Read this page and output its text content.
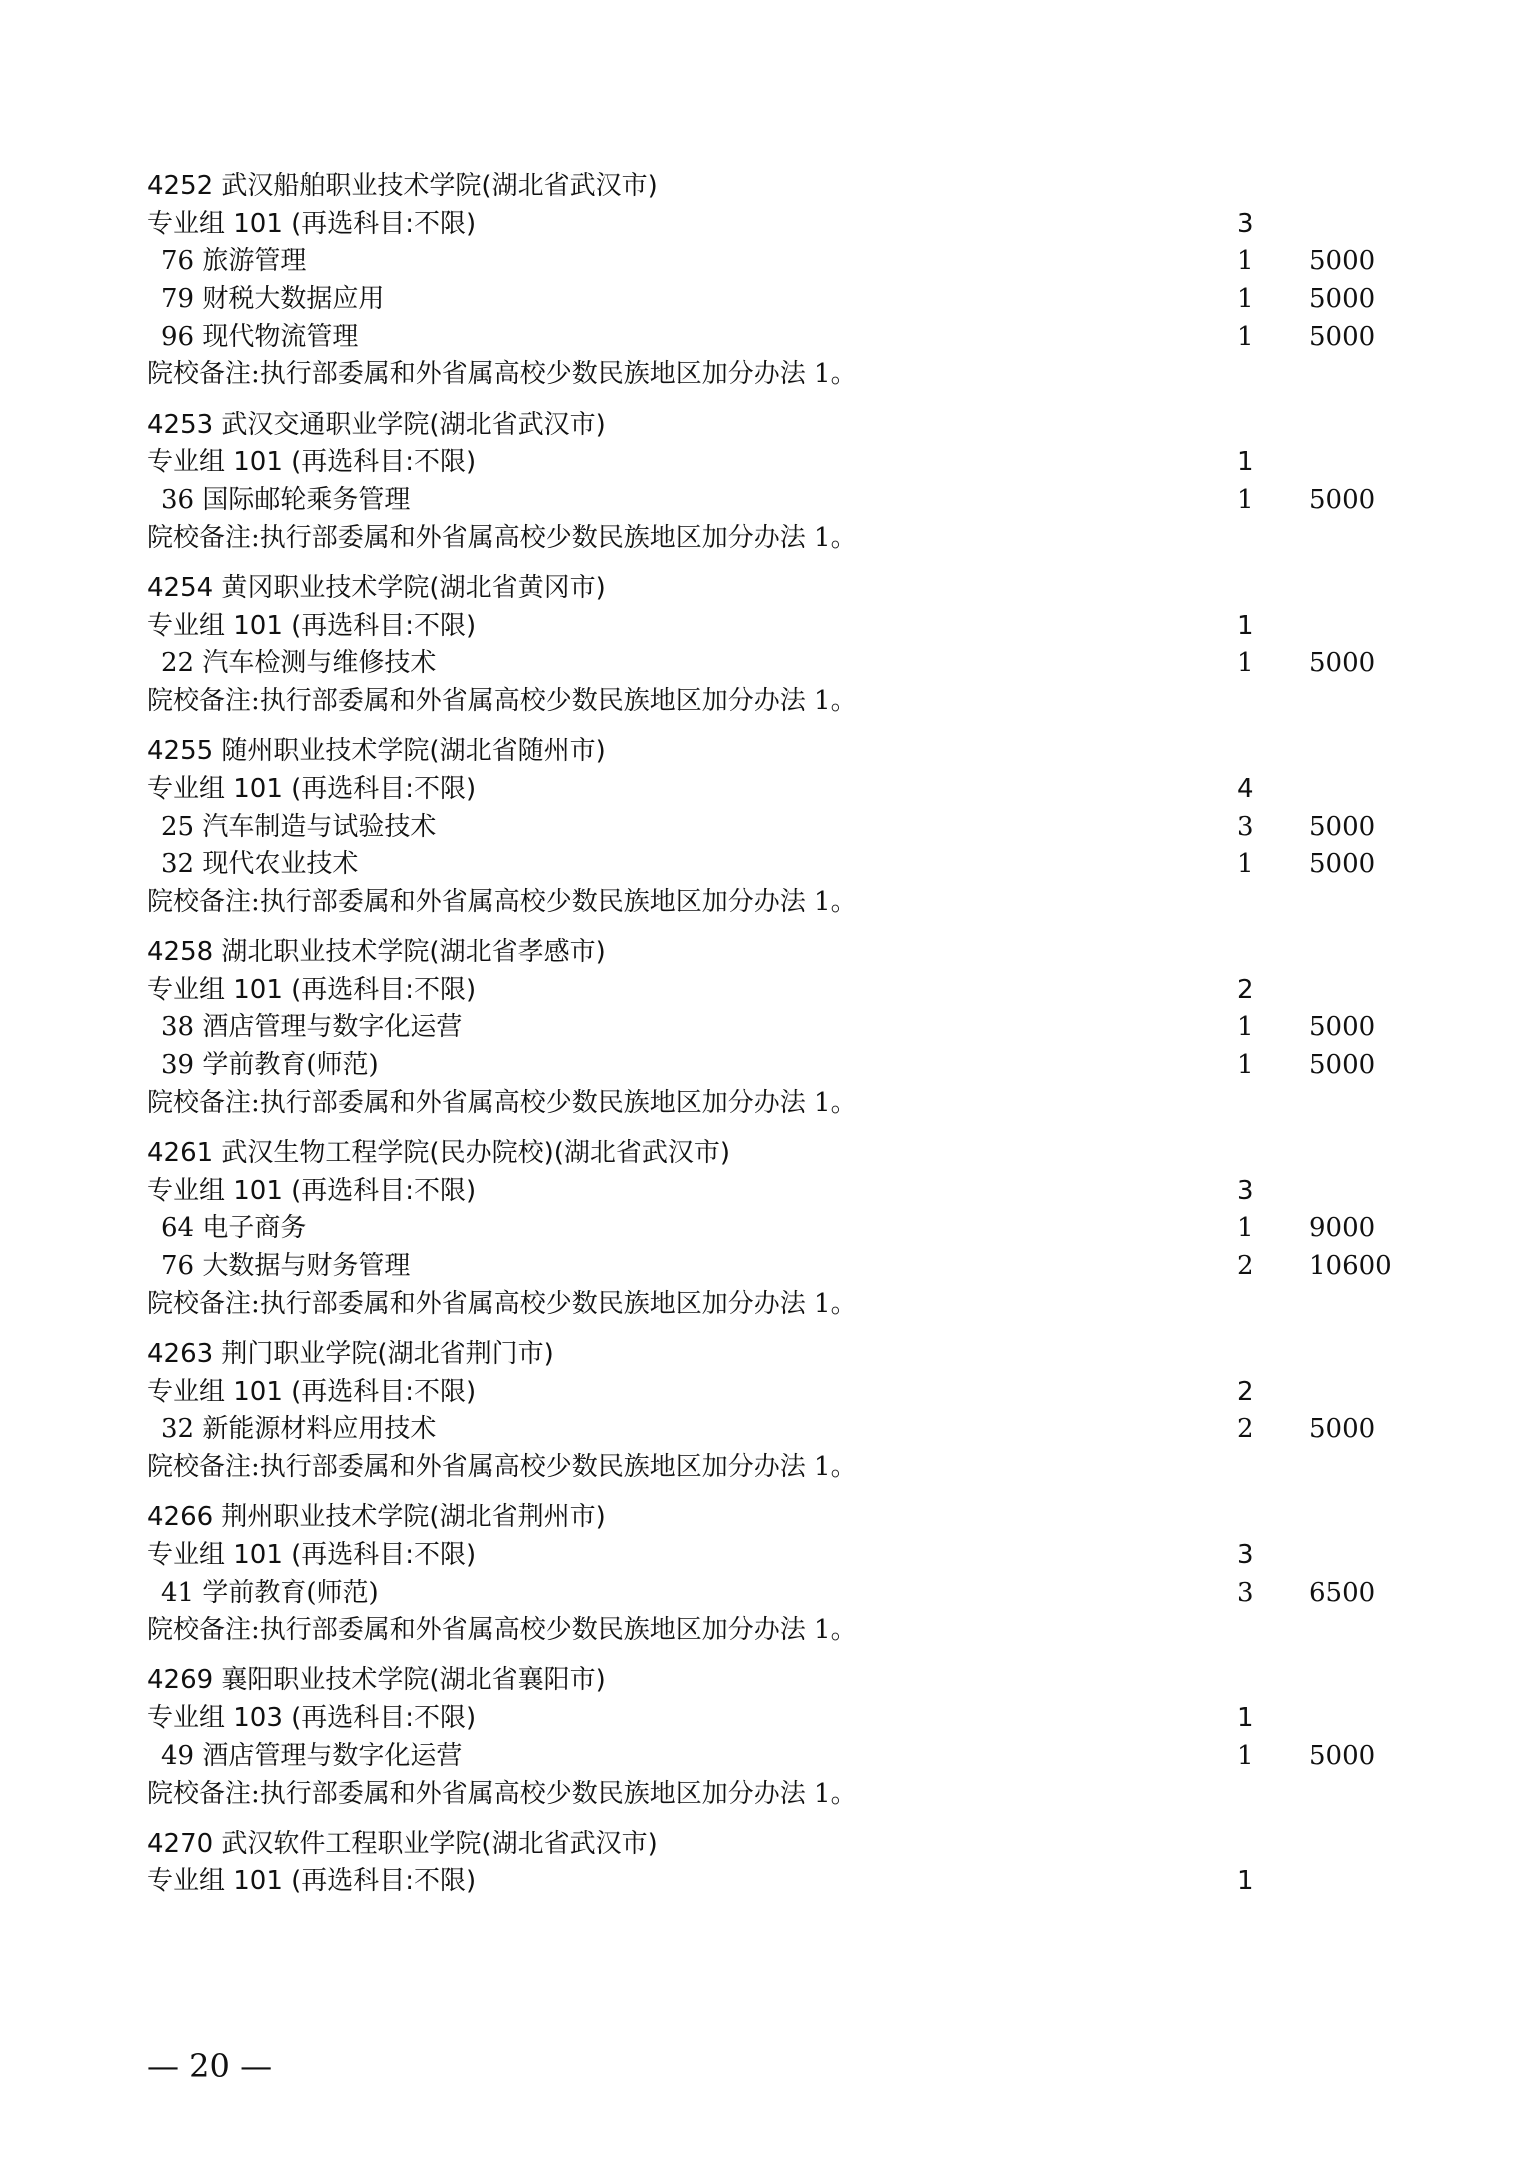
4252 武汉船舶职业技术学院(湖北省武汉市)
专业组 101 (再选科目:不限)	3
76 旅游管理	1 5000
79 财税大数据应用	1 5000
96 现代物流管理	1 5000
院校备注:执行部委属和外省属高校少数民族地区加分办法 1。
4253 武汉交通职业学院(湖北省武汉市)
专业组 101 (再选科目:不限)	1
36 国际邮轮乘务管理	1 5000
院校备注:执行部委属和外省属高校少数民族地区加分办法 1。
4254 黄冈职业技术学院(湖北省黄冈市)
专业组 101 (再选科目:不限)	1
22 汽车检测与维修技术	1 5000
院校备注:执行部委属和外省属高校少数民族地区加分办法 1。
4255 随州职业技术学院(湖北省随州市)
专业组 101 (再选科目:不限)	4
25 汽车制造与试验技术	3 5000
32 现代农业技术	1 5000
院校备注:执行部委属和外省属高校少数民族地区加分办法 1。
4258 湖北职业技术学院(湖北省孝感市)
专业组 101 (再选科目:不限)	2
38 酒店管理与数字化运营	1 5000
39 学前教育(师范)	1 5000
院校备注:执行部委属和外省属高校少数民族地区加分办法 1。
4261 武汉生物工程学院(民办院校)(湖北省武汉市)
专业组 101 (再选科目:不限)	3
64 电子商务	1 9000
76 大数据与财务管理	2 10600
院校备注:执行部委属和外省属高校少数民族地区加分办法 1。
4263 荆门职业学院(湖北省荆门市)
专业组 101 (再选科目:不限)	2
32 新能源材料应用技术	2 5000
院校备注:执行部委属和外省属高校少数民族地区加分办法 1。
4266 荆州职业技术学院(湖北省荆州市)
专业组 101 (再选科目:不限)	3
41 学前教育(师范)	3 6500
院校备注:执行部委属和外省属高校少数民族地区加分办法 1。
4269 襄阳职业技术学院(湖北省襄阳市)
专业组 103 (再选科目:不限)	1
49 酒店管理与数字化运营	1 5000
院校备注:执行部委属和外省属高校少数民族地区加分办法 1。
4270 武汉软件工程职业学院(湖北省武汉市)
专业组 101 (再选科目:不限)	1
— 20 —
